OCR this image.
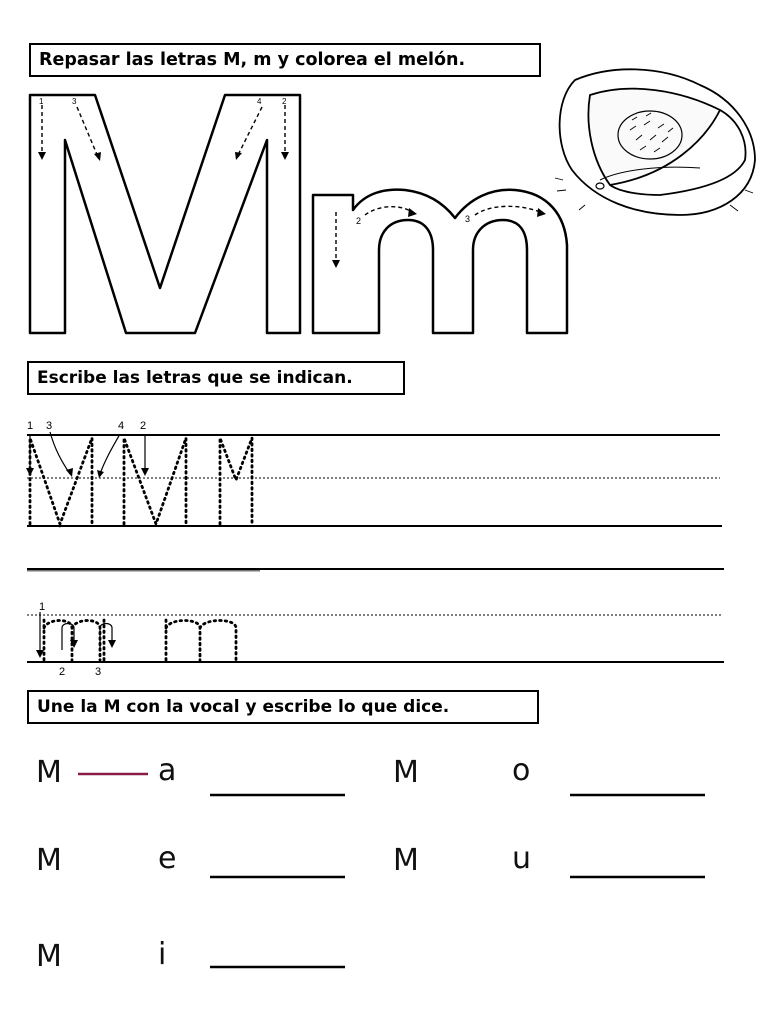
Repasar las letras M, m y colorea el melón.
Escribe las letras que se indican.
Une la M con la vocal y escribe lo que dice.
1	3	4	2
2	3
1 3	4 2
1
2	3
M	a	M	o
M	e	M	u
M	i
